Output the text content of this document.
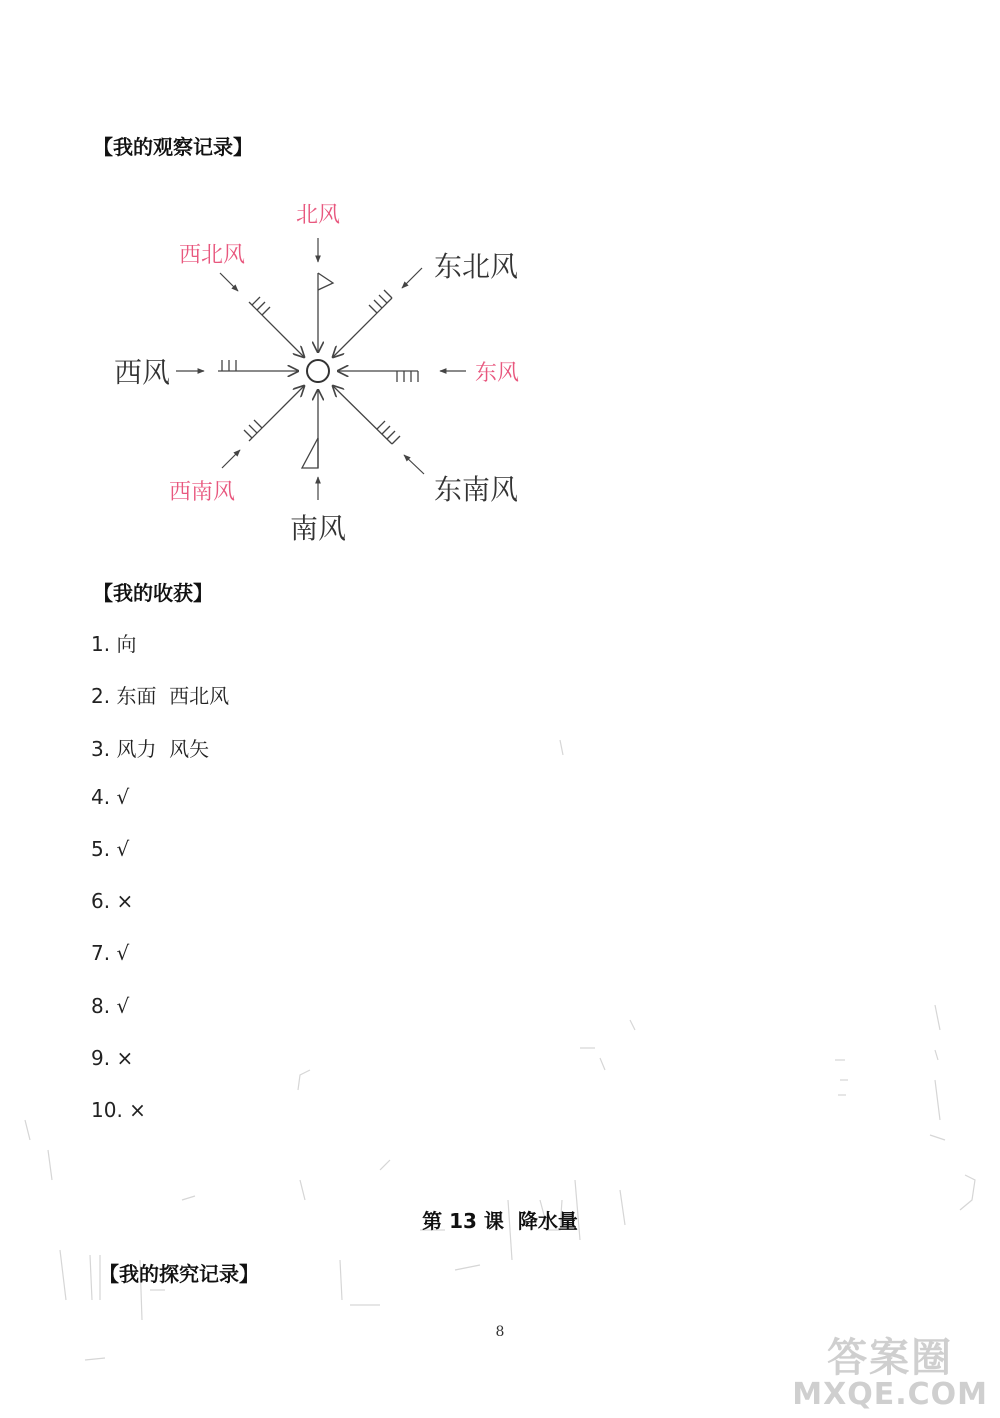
【我的观察记录】
北风
西北风	东北风
西风	东风
西南风	东南风
南风
【我的收获】
1. 向
2. 东面  西北风
3. 风力  风矢
4. √
5. √
6. ×
7. √
8. √
9. ×
10. ×
第 13 课  降水量
【我的探究记录】
8
答案圈
MXQE.COM
